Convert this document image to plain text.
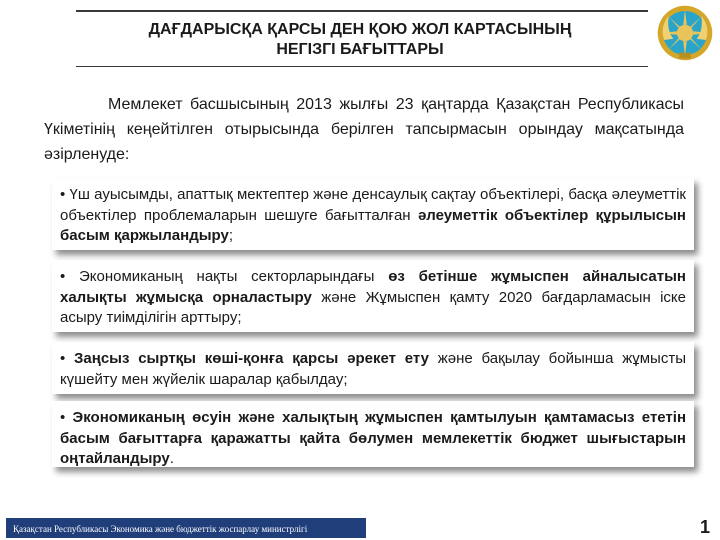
ДАҒДАРЫСҚА ҚАРСЫ ДЕН ҚОЮ ЖОЛ КАРТАСЫНЫҢ
НЕГІЗГІ БАҒЫТТАРЫ
Мемлекет басшысының 2013 жылғы 23 қаңтарда Қазақстан Республикасы Үкіметінің кеңейтілген отырысында берілген тапсырмасын орындау мақсатында әзірленуде:
• Үш ауысымды, апаттық мектептер және денсаулық сақтау объектілері, басқа әлеуметтік объектілер проблемаларын шешуге бағытталған әлеуметтік объектілер құрылысын басым қаржыландыру;
• Экономиканың нақты секторларындағы өз бетінше жұмыспен айналысатын халықты жұмысқа орналастыру және Жұмыспен қамту 2020 бағдарламасын іске асыру тиімділігін арттыру;
• Заңсыз сыртқы көші-қонға қарсы әрекет ету және бақылау бойынша жұмысты күшейту мен жүйелік шаралар қабылдау;
• Экономиканың өсуін және халықтың жұмыспен қамтылуын қамтамасыз ететін басым бағыттарға қаражатты қайта бөлумен мемлекеттік бюджет шығыстарын оңтайландыру.
Қазақстан Республикасы Экономика және бюджеттік жоспарлау министрлігі	1
